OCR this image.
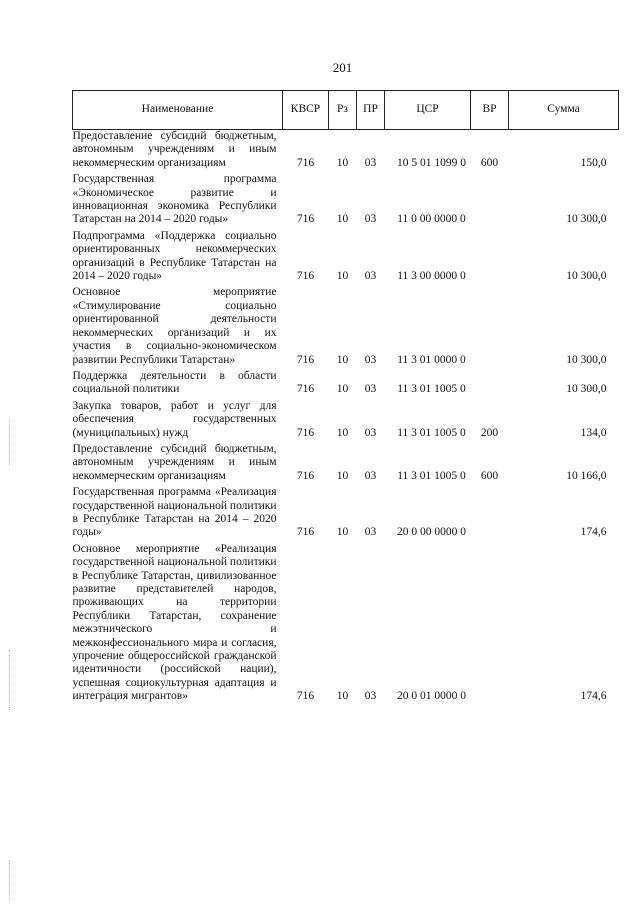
201
Наименование	КВСР	Рз	ПР	ЦСР	ВР	Сумма
Предоставление субсидий бюджетным, автономным учреждениям и иным некоммерческим организациям	716	10	03	10 5 01 1099 0	600	150,0
Государственная программа «Экономическое развитие и инновационная экономика Республики Татарстан на 2014 – 2020 годы»	716	10	03	11 0 00 0000 0		10 300,0
Подпрограмма «Поддержка социально ориентированных некоммерческих организаций в Республике Татарстан на 2014 – 2020 годы»	716	10	03	11 3 00 0000 0		10 300,0
Основное мероприятие «Стимулирование социально ориентированной деятельности некоммерческих организаций и их участия в социально-экономическом развитии Республики Татарстан»	716	10	03	11 3 01 0000 0		10 300,0
Поддержка деятельности в области социальной политики	716	10	03	11 3 01 1005 0		10 300,0
Закупка товаров, работ и услуг для обеспечения государственных (муниципальных) нужд	716	10	03	11 3 01 1005 0	200	134,0
Предоставление субсидий бюджетным, автономным учреждениям и иным некоммерческим организациям	716	10	03	11 3 01 1005 0	600	10 166,0
Государственная программа «Реализация государственной национальной политики в Республике Татарстан на 2014 – 2020 годы»	716	10	03	20 0 00 0000 0		174,6
Основное мероприятие «Реализация государственной национальной политики в Республике Татарстан, цивилизованное развитие представителей народов, проживающих на территории Республики Татарстан, сохранение межэтнического и межконфессионального мира и согласия, упрочение общероссийской гражданской идентичности (российской нации), успешная социокультурная адаптация и интеграция мигрантов»	716	10	03	20 0 01 0000 0		174,6
